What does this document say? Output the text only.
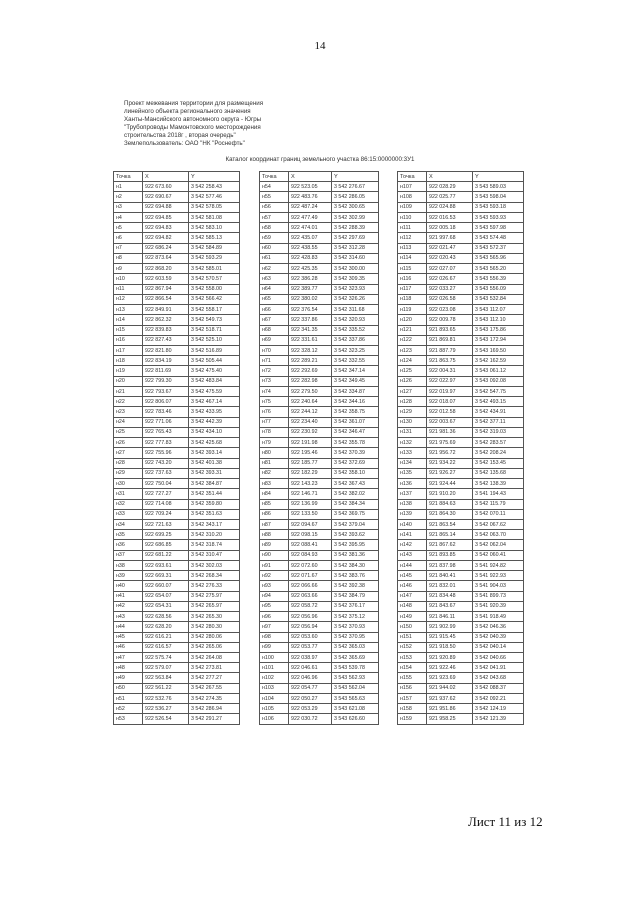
14
Проект межевания территории для размещения
линейного объекта регионального значения
Ханты-Мансийского автономного округа - Югры
"Трубопроводы Мамонтовского месторождения
строительства 2018г , вторая очередь"
Землепользователь: ОАО "НК "Роснефть"
Каталог координат границ земельного участка 86:15:0000000:3У1
Точка	X	Y
н1	922 673.60	3 542 258.43
н2	922 690.67	3 542 577.46
н3	922 694.88	3 542 578.05
н4	922 694.85	3 542 581.08
н5	922 694.83	3 542 583.10
н6	922 694.82	3 542 585.13
н7	922 686.24	3 542 584.89
н8	922 873.64	3 542 593.29
н9	922 868.20	3 542 585.01
н10	922 603.59	3 542 570.57
н11	922 867.94	3 542 558.00
н12	922 866.54	3 542 566.42
н13	922 849.91	3 542 558.17
н14	922 862.32	3 542 549.73
н15	922 839.83	3 542 518.71
н16	922 827.43	3 542 525.10
н17	922 821.80	3 542 516.89
н18	922 834.19	3 542 505.44
н19	922 811.69	3 542 475.40
н20	922 799.30	3 542 483.84
н21	922 793.67	3 542 475.59
н22	922 806.07	3 542 467.14
н23	922 783.46	3 542 433.95
н24	922 771.06	3 542 442.39
н25	922 765.43	3 542 434.10
н26	922 777.83	3 542 425.68
н27	922 755.96	3 542 393.14
н28	922 743.20	3 542 401.38
н29	922 737.63	3 542 393.31
н30	922 750.04	3 542 384.87
н31	922 727.27	3 542 351.44
н32	922 714.08	3 542 359.80
н33	922 709.24	3 542 351.63
н34	922 721.63	3 542 343.17
н35	922 699.25	3 542 310.20
н36	922 686.85	3 542 318.74
н37	922 681.22	3 542 310.47
н38	922 693.61	3 542 302.03
н39	922 669.31	3 542 268.34
н40	922 660.07	3 542 276.33
н41	922 654.07	3 542 275.97
н42	922 654.31	3 542 265.97
н43	922 628.56	3 542 265.30
н44	922 628.20	3 542 280.30
н45	922 616.21	3 542 280.06
н46	922 616.57	3 542 265.06
н47	922 575.74	3 542 264.08
н48	922 579.07	3 542 273.81
н49	922 563.84	3 542 277.27
н50	922 561.22	3 542 267.55
н51	922 532.76	3 542 274.35
н52	922 536.27	3 542 286.94
н53	922 526.54	3 542 291.27
Точка	X	Y
н54	922 523.05	3 542 276.67
н55	922 483.76	3 542 286.05
н56	922 487.24	3 542 300.65
н57	922 477.49	3 542 302.99
н58	922 474.01	3 542 288.39
н59	922 435.07	3 542 297.69
н60	922 438.55	3 542 312.28
н61	922 428.83	3 542 314.60
н62	922 425.35	3 542 300.00
н63	922 386.28	3 542 309.35
н64	922 389.77	3 542 323.93
н65	922 380.02	3 542 326.26
н66	922 376.54	3 542 311.68
н67	922 337.86	3 542 320.93
н68	922 341.35	3 542 335.52
н69	922 331.61	3 542 337.86
н70	922 328.12	3 542 323.25
н71	922 289.21	3 542 332.55
н72	922 292.69	3 542 347.14
н73	922 282.98	3 542 349.45
н74	922 279.50	3 542 334.87
н75	922 240.64	3 542 344.16
н76	922 244.12	3 542 358.75
н77	922 234.40	3 542 361.07
н78	922 230.92	3 542 346.47
н79	922 191.98	3 542 355.78
н80	922 195.46	3 542 370.39
н81	922 185.77	3 542 372.69
н82	922 182.29	3 542 358.10
н83	922 143.23	3 542 367.43
н84	922 146.71	3 542 382.02
н85	922 136.99	3 542 384.34
н86	922 133.50	3 542 369.75
н87	922 094.67	3 542 379.04
н88	922 098.15	3 542 393.62
н89	922 088.41	3 542 395.95
н90	922 084.93	3 542 381.36
н91	922 072.60	3 542 384.30
н92	922 071.67	3 542 383.76
н93	922 066.66	3 542 392.38
н94	922 063.66	3 542 384.79
н95	922 058.72	3 542 376.17
н96	922 056.96	3 542 375.12
н97	922 056.94	3 542 370.93
н98	922 053.60	3 542 370.95
н99	922 053.77	3 542 365.03
н100	922 038.97	3 542 365.69
н101	922 046.61	3 543 539.78
н102	922 046.96	3 543 562.93
н103	922 054.77	3 543 562.04
н104	922 050.27	3 543 565.63
н105	922 053.29	3 543 621.08
н106	922 030.72	3 543 626.60
Точка	X	Y
н107	922 028.29	3 543 589.03
н108	922 025.77	3 543 598.04
н109	922 024.88	3 543 593.18
н110	922 016.53	3 543 593.93
н111	922 005.18	3 543 597.98
н112	921 997.68	3 543 574.48
н113	922 021.47	3 543 572.37
н114	922 020.43	3 543 565.96
н115	922 027.07	3 543 565.20
н116	922 026.67	3 543 556.39
н117	922 033.27	3 543 556.09
н118	922 026.58	3 543 532.84
н119	922 023.08	3 543 112.07
н120	922 009.78	3 543 112.10
н121	921 893.65	3 543 175.86
н122	921 869.81	3 543 172.94
н123	921 887.79	3 543 169.50
н124	921 863.75	3 542 162.59
н125	922 004.31	3 543 061.12
н126	922 022.97	3 543 092.08
н127	922 019.97	3 542 547.75
н128	922 018.07	3 542 493.15
н129	922 012.58	3 542 434.91
н130	922 003.67	3 542 377.11
н131	921 981.36	3 542 319.03
н132	921 975.69	3 542 283.57
н133	921 956.72	3 542 208.24
н134	921 934.22	3 542 153.45
н135	921 926.27	3 542 135.68
н136	921 924.44	3 542 138.39
н137	921 910.20	3 541 194.43
н138	921 884.63	3 542 115.79
н139	921 864.30	3 542 070.11
н140	921 863.54	3 542 067.62
н141	921 865.14	3 542 063.70
н142	921 867.62	3 542 062.04
н143	921 893.85	3 542 060.41
н144	921 837.98	3 541 924.82
н145	921 840.41	3 541 922.93
н146	921 832.01	3 541 904.03
н147	921 834.48	3 541 899.73
н148	921 843.67	3 541 920.39
н149	921 846.11	3 541 918.49
н150	921 902.99	3 542 046.36
н151	921 915.45	3 542 040.39
н152	921 918.50	3 542 040.14
н153	921 920.89	3 542 040.66
н154	921 922.46	3 542 041.91
н155	921 923.69	3 542 043.68
н156	921 944.02	3 542 088.37
н157	921 937.62	3 542 092.21
н158	921 951.86	3 542 124.19
н159	921 958.25	3 542 121.39
Лист 11 из 12
